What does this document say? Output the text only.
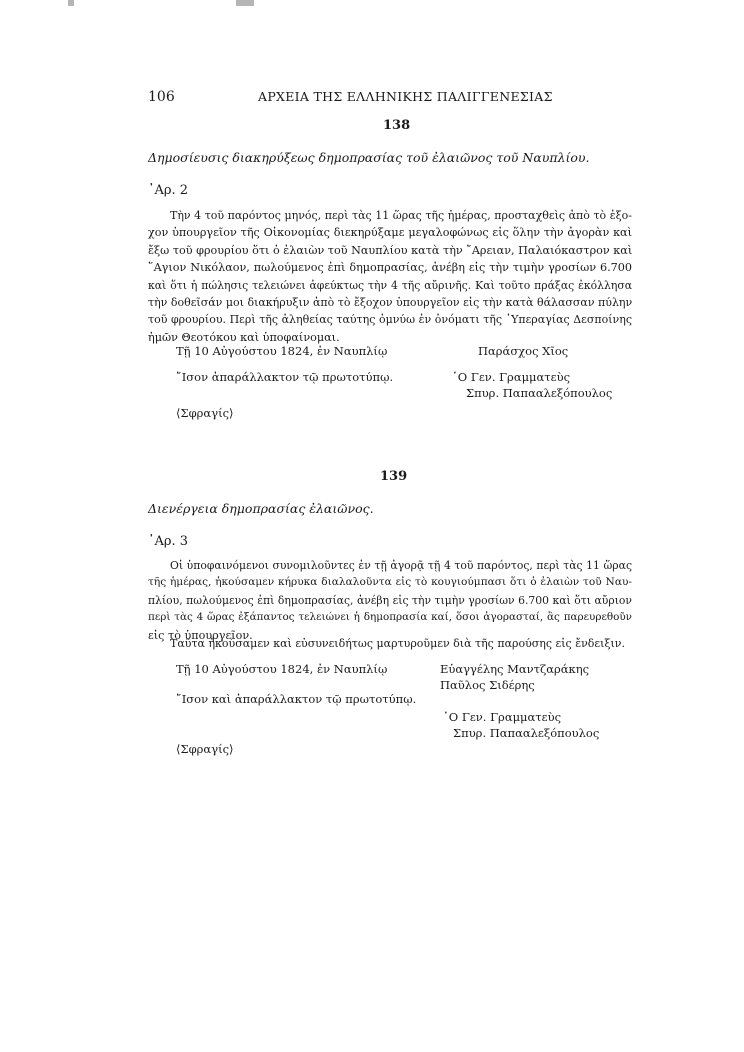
106	ΑΡΧΕΙΑ ΤΗΣ ΕΛΛΗΝΙΚΗΣ ΠΑΛΙΓΓΕΝΕΣΙΑΣ
138
Δημοσίευσις διακηρύξεως δημοπρασίας τοῦ ἐλαιῶνος τοῦ Ναυπλίου.
᾽Αρ. 2
Τὴν 4 τοῦ παρόντος μηνός, περὶ τὰς 11 ὥρας τῆς ἡμέρας, προσταχθεὶς ἀπὸ τὸ ἐξο-
χον ὑπουργεῖον τῆς Οἰκονομίας διεκηρύξαμε μεγαλοφώνως εἰς ὅλην τὴν ἀγορὰν καὶ
ἔξω τοῦ φρουρίου ὅτι ὁ ἐλαιὼν τοῦ Ναυπλίου κατὰ τὴν ῎Αρειαν, Παλαιόκαστρον καὶ
῞Αγιον Νικόλαον, πωλούμενος ἐπὶ δημοπρασίας, ἀνέβη εἰς τὴν τιμὴν γροσίων 6.700
καὶ ὅτι ἡ πώλησις τελειώνει ἀφεύκτως τὴν 4 τῆς αὔρινῆς. Καὶ τοῦτο πράξας ἐκόλλησα
τὴν δοθεῖσάν μοι διακήρυξιν ἀπὸ τὸ ἔξοχον ὑπουργεῖον εἰς τὴν κατὰ θάλασσαν πύλην
τοῦ φρουρίου. Περὶ τῆς ἀληθείας ταύτης ὀμνύω ἐν ὀνόματι τῆς ῾Υπεραγίας Δεσποίνης
ἡμῶν Θεοτόκου καὶ ὑποφαίνομαι.
Τῇ 10 Αὐγούστου 1824, ἐν Ναυπλίῳ	Παράσχος Χῖος
῎Ισον ἀπαράλλακτον τῷ πρωτοτύπῳ.	῾Ο Γεν. Γραμματεὺς
Σπυρ. Παπααλεξόπουλος
⟨Σφραγίς⟩
139
Διενέργεια δημοπρασίας ἐλαιῶνος.
᾽Αρ. 3
Οἱ ὑποφαινόμενοι συνομιλοῦντες ἐν τῇ ἀγορᾷ τῇ 4 τοῦ παρόντος, περὶ τὰς 11 ὥρας
τῆς ἡμέρας, ἠκούσαμεν κήρυκα διαλαλοῦντα εἰς τὸ κουγιούμπασι ὅτι ὁ ἐλαιὼν τοῦ Ναυ-
πλίου, πωλούμενος ἐπὶ δημοπρασίας, ἀνέβη εἰς τὴν τιμὴν γροσίων 6.700 καὶ ὅτι αὔριον
περὶ τὰς 4 ὥρας ἐξάπαντος τελειώνει ἡ δημοπρασία καί, ὅσοι ἀγορασταί, ἂς παρευρεθοῦν
εἰς τὸ ὑπουργεῖον.
Ταῦτα ἠκούσαμεν καὶ εὐσυνειδήτως μαρτυροῦμεν διὰ τῆς παρούσης εἰς ἔνδειξιν.
Τῇ 10 Αὐγούστου 1824, ἐν Ναυπλίῳ	Εὐαγγέλης Μαντζαράκης
Παῦλος Σιδέρης
῎Ισον καὶ ἀπαράλλακτον τῷ πρωτοτύπῳ.
῾Ο Γεν. Γραμματεὺς
Σπυρ. Παπααλεξόπουλος
⟨Σφραγίς⟩
